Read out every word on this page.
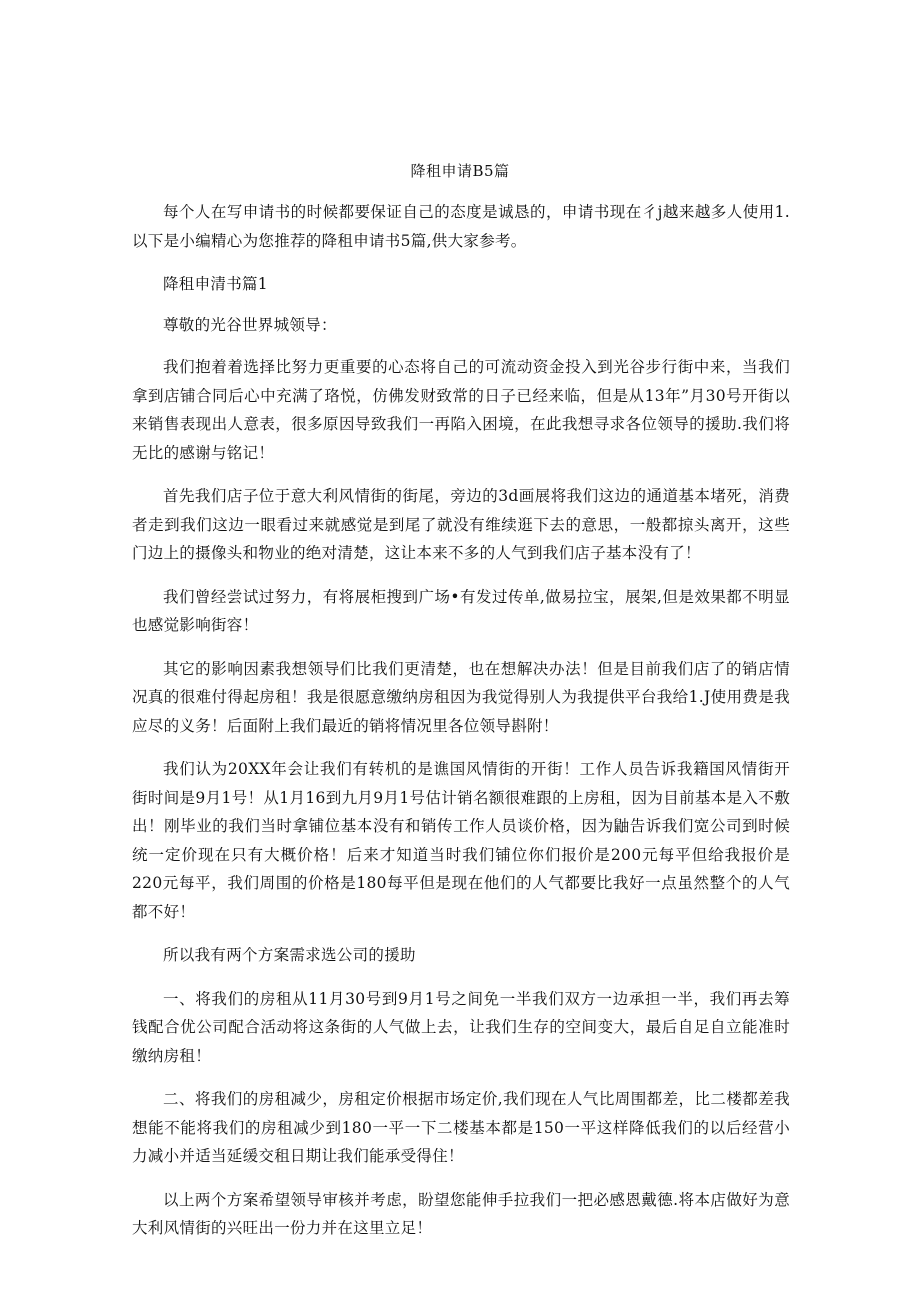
降租申请B5篇

每个人在写申请书的时候都要保证自己的态度是诚恳的，申请书现在彳j越来越多人使用1.以下是小编精心为您推荐的降租申请书5篇,供大家参考。

降租申清书篇1

尊敬的光谷世界城领导：

我们抱着着选择比努力更重要的心态将自己的可流动资金投入到光谷步行街中来，当我们拿到店铺合同后心中充满了珞悦，仿佛发财致常的日子已经来临，但是从13年”月30号开街以来销售表现出人意表，很多原因导致我们一再陷入困境，在此我想寻求各位领导的援助.我们将无比的感谢与铭记！

首先我们店子位于意大利风情街的街尾，旁边的3d画展将我们这边的通道基本堵死，消费者走到我们这边一眼看过来就感觉是到尾了就没有维续逛下去的意思，一般都掠头离开，这些门边上的摄像头和物业的绝对清楚，这让本来不多的人气到我们店子基本没有了！

我们曾经尝试过努力，有将展柜搜到广场•有发过传单,做易拉宝，展架,但是效果都不明显也感觉影响街容！

其它的影响因素我想领导们比我们更清楚，也在想解决办法！但是目前我们店了的销店情况真的很难付得起房租！我是很愿意缴纳房租因为我觉得别人为我提供平台我给1.J使用费是我应尽的义务！后面附上我们最近的销将情况里各位领导斟附！

我们认为20XX年会让我们有转机的是谯国风情街的开街！工作人员告诉我籍国风情街开街时间是9月1号！从1月16到九月9月1号估计销名额很难跟的上房租，因为目前基本是入不敷出！刚毕业的我们当时拿铺位基本没有和销传工作人员谈价格，因为鼬告诉我们宽公司到时候统一定价现在只有大概价格！后来才知道当时我们铺位你们报价是200元每平但给我报价是220元每平，我们周围的价格是180每平但是现在他们的人气都要比我好一点虽然整个的人气都不好！

所以我有两个方案需求选公司的援助

一、将我们的房租从11月30号到9月1号之间免一半我们双方一边承担一半，我们再去筹钱配合优公司配合活动将这条街的人气做上去，让我们生存的空间变大，最后自足自立能准时缴纳房租！

二、将我们的房租减少，房租定价根据市场定价,我们现在人气比周围都差，比二楼都差我想能不能将我们的房租减少到180一平一下二楼基本都是150一平这样降低我们的以后经营小力减小并适当延缓交租日期让我们能承受得住！

以上两个方案希望领导审核并考虑，盼望您能伸手拉我们一把必感恩戴德.将本店做好为意大利风情街的兴旺出一份力并在这里立足！
